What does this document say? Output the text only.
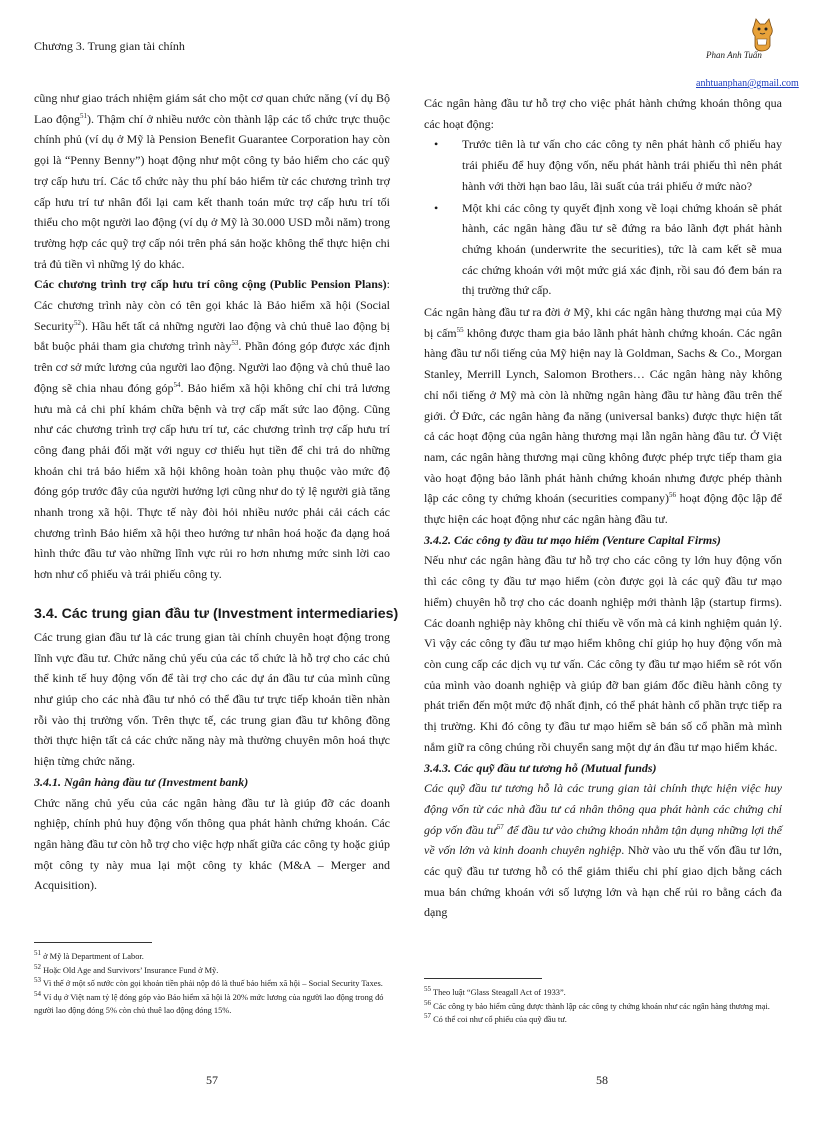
Chương 3. Trung gian tài chính

cũng như giao trách nhiệm giám sát cho một cơ quan chức năng (ví dụ Bộ Lao động$^{51}$). Thậm chí ở nhiều nước còn thành lập các tổ chức trực thuộc chính phủ (ví dụ ở Mỹ là Pension Benefit Guarantee Corporation hay còn gọi là “Penny Benny”) hoạt động như một công ty bảo hiểm cho các quỹ trợ cấp hưu trí. Các tổ chức này thu phí bảo hiểm từ các chương trình trợ cấp hưu trí tư nhân đổi lại cam kết thanh toán mức trợ cấp hưu trí tối thiểu cho một người lao động (ví dụ ở Mỹ là 30.000 USD mỗi năm) trong trường hợp các quỹ trợ cấp nói trên phá sản hoặc không thể thực hiện chi trả đủ tiền vì những lý do khác.

Các chương trình trợ cấp hưu trí công cộng (Public Pension Plans): Các chương trình này còn có tên gọi khác là Bảo hiểm xã hội (Social Security$^{52}$). Hầu hết tất cả những người lao động và chủ thuê lao động bị bắt buộc phải tham gia chương trình này$^{53}$. Phần đóng góp được xác định trên cơ sở mức lương của người lao động. Người lao động và chủ thuê lao động sẽ chia nhau đóng góp$^{54}$. Bảo hiểm xã hội không chỉ chi trả lương hưu mà cả chi phí khám chữa bệnh và trợ cấp mất sức lao động. Cũng như các chương trình trợ cấp hưu trí tư, các chương trình trợ cấp hưu trí công đang phải đối mặt với nguy cơ thiếu hụt tiền để chi trả do những khoản chi trả bảo hiểm xã hội không hoàn toàn phụ thuộc vào mức độ đóng góp trước đây của người hưởng lợi cũng như do tỷ lệ người già tăng nhanh trong xã hội. Thực tế này đòi hỏi nhiều nước phải cải cách các chương trình Bảo hiểm xã hội theo hướng tư nhân hoá hoặc đa dạng hoá hình thức đầu tư vào những lĩnh vực rủi ro hơn nhưng mức sinh lời cao hơn như cổ phiếu và trái phiếu công ty.

3.4. Các trung gian đầu tư (Investment intermediaries)

Các trung gian đầu tư là các trung gian tài chính chuyên hoạt động trong lĩnh vực đầu tư. Chức năng chủ yếu của các tổ chức là hỗ trợ cho các chủ thể kinh tế huy động vốn để tài trợ cho các dự án đầu tư của mình cũng như giúp cho các nhà đầu tư nhỏ có thể đầu tư trực tiếp khoản tiền nhàn rỗi vào thị trường vốn. Trên thực tế, các trung gian đầu tư không đồng thời thực hiện tất cả các chức năng này mà thường chuyên môn hoá thực hiện từng chức năng.

3.4.1. Ngân hàng đầu tư (Investment bank)

Chức năng chủ yếu của các ngân hàng đầu tư là giúp đỡ các doanh nghiệp, chính phủ huy động vốn thông qua phát hành chứng khoán. Các ngân hàng đầu tư còn hỗ trợ cho việc hợp nhất giữa các công ty hoặc giúp một công ty này mua lại một công ty khác (M&A – Merger and Acquisition).

$^{51}$ ở Mỹ là Department of Labor.
$^{52}$ Hoặc Old Age and Survivors’ Insurance Fund ở Mỹ.
$^{53}$ Vì thế ở một số nước còn gọi khoản tiền phải nộp đó là thuế bảo hiểm xã hội – Social Security Taxes.
$^{54}$ Ví dụ ở Việt nam tỷ lệ đóng góp vào Bảo hiểm xã hội là 20% mức lương của người lao động trong đó người lao động đóng 5% còn chủ thuê lao động đóng 15%.
57
Phan Anh Tuấn
anhtuanphan@gmail.com

Các ngân hàng đầu tư hỗ trợ cho việc phát hành chứng khoán thông qua các hoạt động:

• Trước tiên là tư vấn cho các công ty nên phát hành cổ phiếu hay trái phiếu để huy động vốn, nếu phát hành trái phiếu thì nên phát hành với thời hạn bao lâu, lãi suất của trái phiếu ở mức nào?
• Một khi các công ty quyết định xong về loại chứng khoán sẽ phát hành, các ngân hàng đầu tư sẽ đứng ra bảo lãnh đợt phát hành chứng khoán (underwrite the securities), tức là cam kết sẽ mua các chứng khoán với một mức giá xác định, rồi sau đó đem bán ra thị trường thứ cấp.

Các ngân hàng đầu tư ra đời ở Mỹ, khi các ngân hàng thương mại của Mỹ bị cấm$^{55}$ không được tham gia bảo lãnh phát hành chứng khoán. Các ngân hàng đầu tư nổi tiếng của Mỹ hiện nay là Goldman, Sachs & Co., Morgan Stanley, Merrill Lynch, Salomon Brothers… Các ngân hàng này không chỉ nổi tiếng ở Mỹ mà còn là những ngân hàng đầu tư hàng đầu trên thế giới. Ở Đức, các ngân hàng đa năng (universal banks) được thực hiện tất cả các hoạt động của ngân hàng thương mại lẫn ngân hàng đầu tư. Ở Việt nam, các ngân hàng thương mại cũng không được phép trực tiếp tham gia vào hoạt động bảo lãnh phát hành chứng khoán nhưng được phép thành lập các công ty chứng khoán (securities company)$^{56}$ hoạt động độc lập để thực hiện các hoạt động như các ngân hàng đầu tư.

3.4.2. Các công ty đầu tư mạo hiểm (Venture Capital Firms)

Nếu như các ngân hàng đầu tư hỗ trợ cho các công ty lớn huy động vốn thì các công ty đầu tư mạo hiểm (còn được gọi là các quỹ đầu tư mạo hiểm) chuyên hỗ trợ cho các doanh nghiệp mới thành lập (startup firms). Các doanh nghiệp này không chỉ thiếu về vốn mà cả kinh nghiệm quản lý. Vì vậy các công ty đầu tư mạo hiểm không chỉ giúp họ huy động vốn mà còn cung cấp các dịch vụ tư vấn. Các công ty đầu tư mạo hiểm sẽ rót vốn của mình vào doanh nghiệp và giúp đỡ ban giám đốc điều hành công ty phát triển đến một mức độ nhất định, có thể phát hành cổ phần trực tiếp ra thị trường. Khi đó công ty đầu tư mạo hiểm sẽ bán số cổ phần mà mình nắm giữ ra công chúng rồi chuyển sang một dự án đầu tư mạo hiểm khác.

3.4.3. Các quỹ đầu tư tương hỗ (Mutual funds)

Các quỹ đầu tư tương hỗ là các trung gian tài chính thực hiện việc huy động vốn từ các nhà đầu tư cá nhân thông qua phát hành các chứng chỉ góp vốn đầu $tư^{57}$ để đầu tư vào chứng khoán nhằm tận dụng những lợi thế về vốn lớn và kinh doanh chuyên nghiệp. Nhờ vào ưu thế vốn đầu tư lớn, các quỹ đầu tư tương hỗ có thể giảm thiểu chi phí giao dịch bằng cách mua bán chứng khoán với số lượng lớn và hạn chế rủi ro bằng cách đa dạng

$^{55}$ Theo luật “Glass Steagall Act of 1933”.
$^{56}$ Các công ty bảo hiểm cũng được thành lập các công ty chứng khoán như các ngân hàng thương mại.
$^{57}$ Có thể coi như cổ phiếu của quỹ đầu tư.
58
